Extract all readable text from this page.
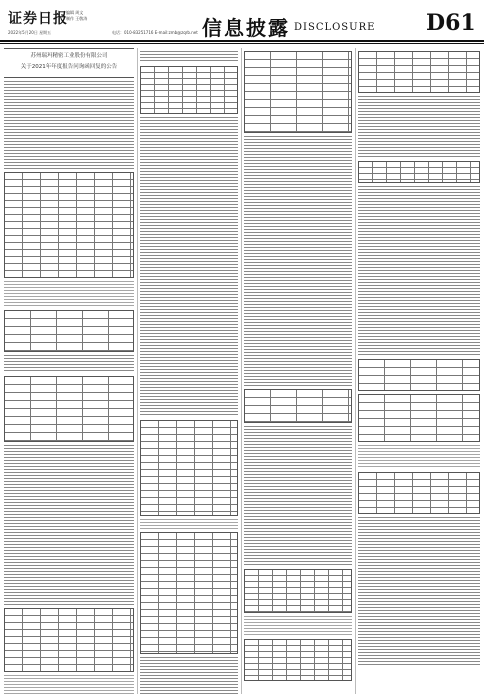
证券日报
编辑 周文
制作 王敬涛
2022年5月20日 星期五	电话：010-83251716 E-mail:zmb@zqrb.net 信息披露 DISCLOSURE D61
苏州瑞玛精密工业股份有限公司
关于2021年年度报告问询函回复的公告
